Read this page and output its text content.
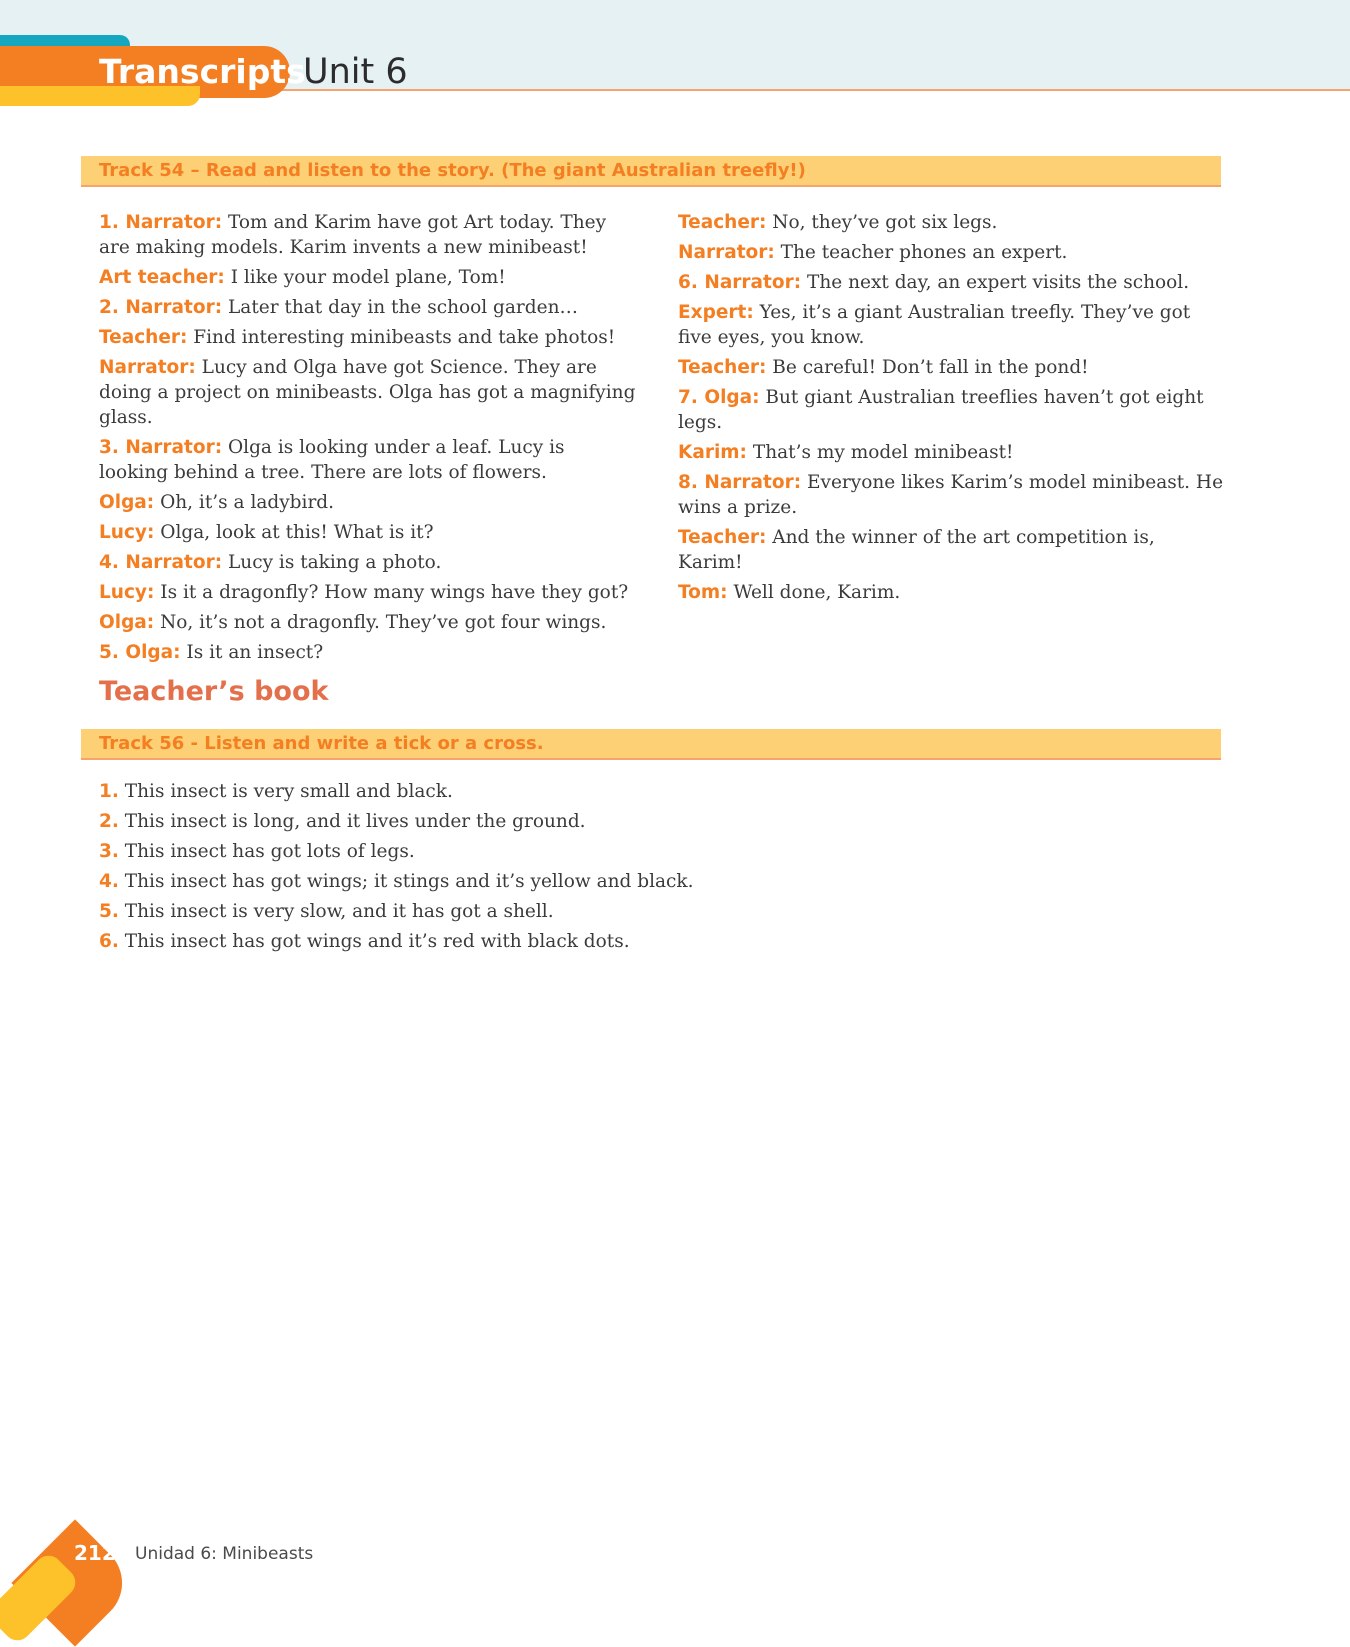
Transcripts
Unit 6
Track 54 – Read and listen to the story. (The giant Australian treefly!)
1. Narrator: Tom and Karim have got Art today. They are making models. Karim invents a new minibeast!
Art teacher: I like your model plane, Tom!
2. Narrator: Later that day in the school garden…
Teacher: Find interesting minibeasts and take photos!
Narrator: Lucy and Olga have got Science. They are doing a project on minibeasts. Olga has got a magnifying glass.
3. Narrator: Olga is looking under a leaf. Lucy is looking behind a tree. There are lots of flowers.
Olga: Oh, it’s a ladybird.
Lucy: Olga, look at this! What is it?
4. Narrator: Lucy is taking a photo.
Lucy: Is it a dragonfly? How many wings have they got?
Olga: No, it’s not a dragonfly. They’ve got four wings.
5. Olga: Is it an insect?
Teacher: No, they’ve got six legs.
Narrator: The teacher phones an expert.
6. Narrator: The next day, an expert visits the school.
Expert: Yes, it’s a giant Australian treefly. They’ve got five eyes, you know.
Teacher: Be careful! Don’t fall in the pond!
7. Olga: But giant Australian treeflies haven’t got eight legs.
Karim: That’s my model minibeast!
8. Narrator: Everyone likes Karim’s model minibeast. He wins a prize.
Teacher: And the winner of the art competition is, Karim!
Tom: Well done, Karim.
Teacher’s book
Track 56 - Listen and write a tick or a cross.
1. This insect is very small and black.
2. This insect is long, and it lives under the ground.
3. This insect has got lots of legs.
4. This insect has got wings; it stings and it’s yellow and black.
5. This insect is very slow, and it has got a shell.
6. This insect has got wings and it’s red with black dots.
212 Unidad 6: Minibeasts
